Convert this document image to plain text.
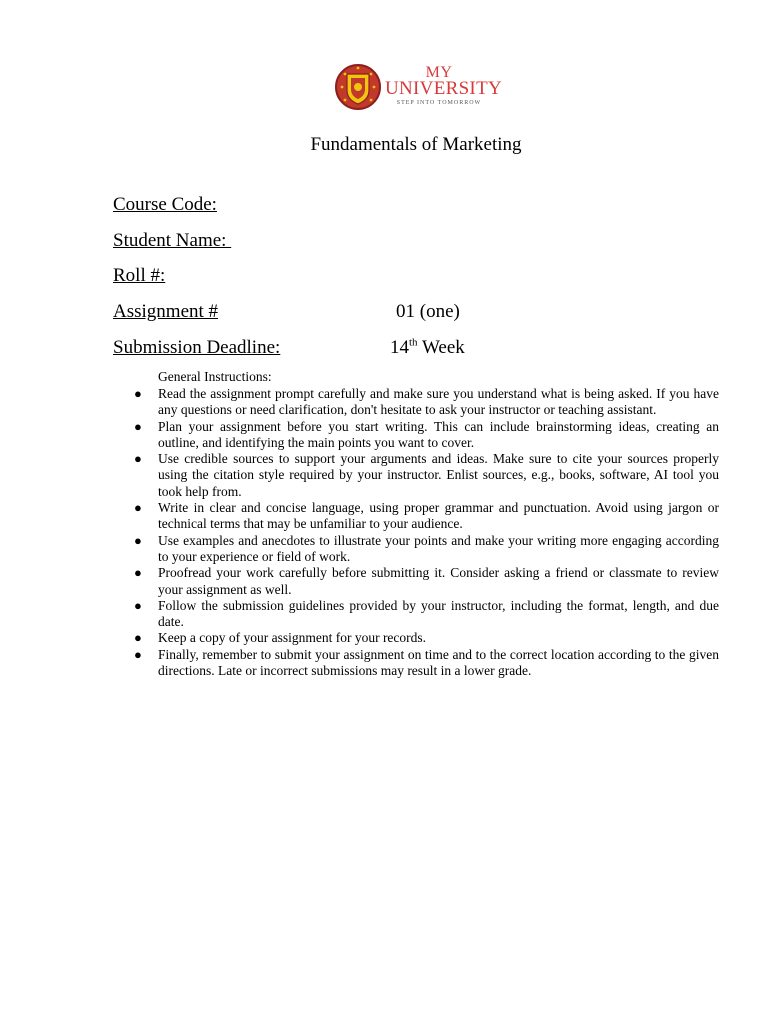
MY
UNIVERSITY
STEP INTO TOMORROW
Fundamentals of Marketing
Course Code:
Student Name:
Roll #:
Assignment #	01 (one)
Submission Deadline:	14th Week
General Instructions:
● Read the assignment prompt carefully and make sure you understand what is being asked. If you have any questions or need clarification, don't hesitate to ask your instructor or teaching assistant.
● Plan your assignment before you start writing. This can include brainstorming ideas, creating an outline, and identifying the main points you want to cover.
● Use credible sources to support your arguments and ideas. Make sure to cite your sources properly using the citation style required by your instructor. Enlist sources, e.g., books, software, AI tool you took help from.
● Write in clear and concise language, using proper grammar and punctuation. Avoid using jargon or technical terms that may be unfamiliar to your audience.
● Use examples and anecdotes to illustrate your points and make your writing more engaging according to your experience or field of work.
● Proofread your work carefully before submitting it. Consider asking a friend or classmate to review your assignment as well.
● Follow the submission guidelines provided by your instructor, including the format, length, and due date.
● Keep a copy of your assignment for your records.
● Finally, remember to submit your assignment on time and to the correct location according to the given directions. Late or incorrect submissions may result in a lower grade.
